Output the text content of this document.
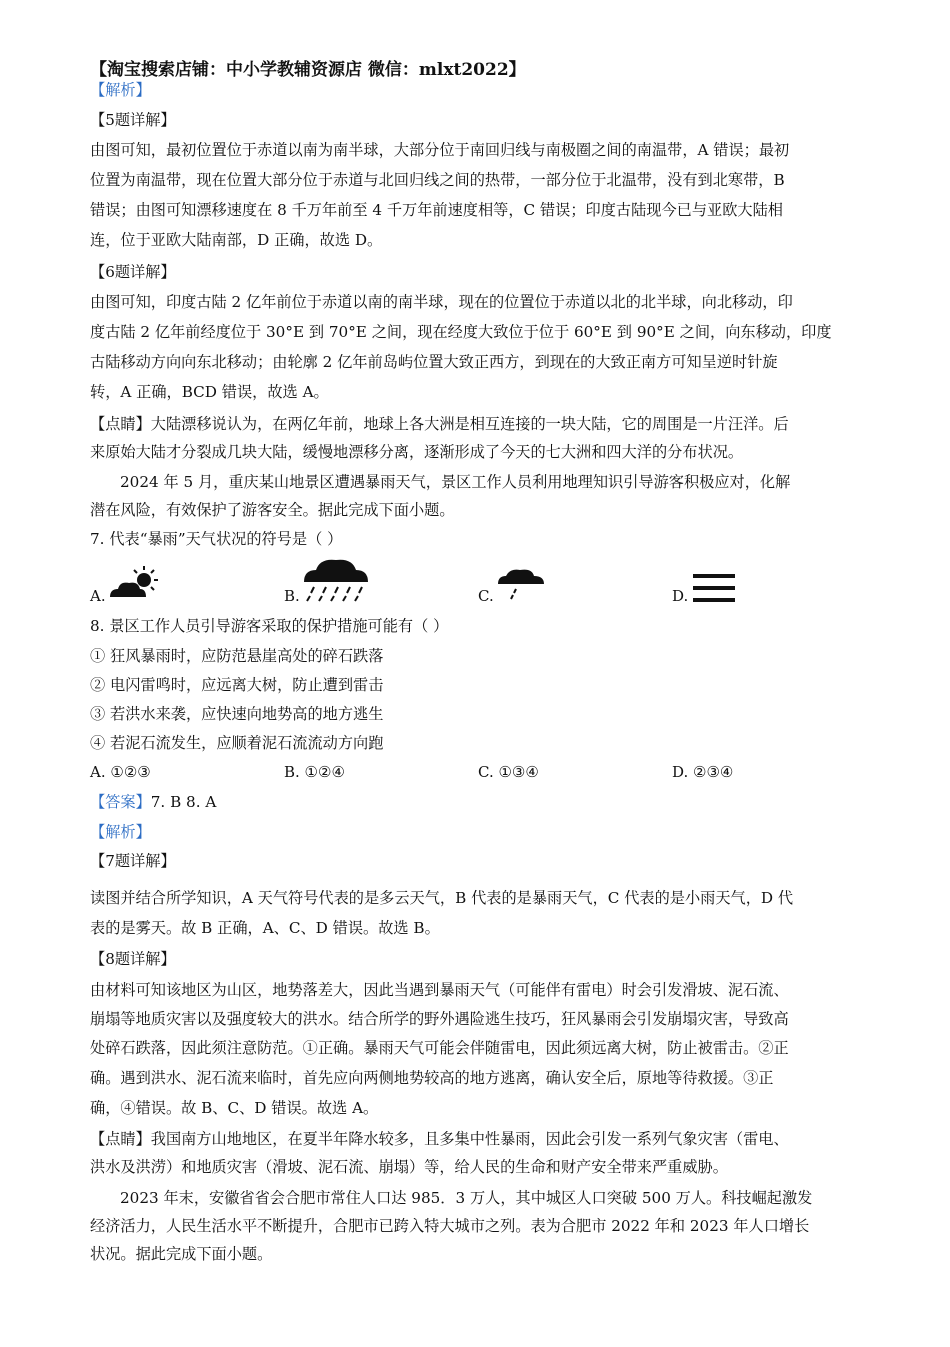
【淘宝搜索店铺：中小学教辅资源店 微信：mlxt2022】
【解析】
【5题详解】
由图可知，最初位置位于赤道以南为南半球，大部分位于南回归线与南极圈之间的南温带，A 错误；最初
位置为南温带，现在位置大部分位于赤道与北回归线之间的热带，一部分位于北温带，没有到北寒带，B
错误；由图可知漂移速度在 8 千万年前至 4 千万年前速度相等，C 错误；印度古陆现今已与亚欧大陆相
连，位于亚欧大陆南部，D 正确，故选 D。
【6题详解】
由图可知，印度古陆 2 亿年前位于赤道以南的南半球，现在的位置位于赤道以北的北半球，向北移动，印
度古陆 2 亿年前经度位于 30°E 到 70°E 之间，现在经度大致位于位于 60°E 到 90°E 之间，向东移动，印度
古陆移动方向向东北移动；由轮廓 2 亿年前岛屿位置大致正西方，到现在的大致正南方可知呈逆时针旋
转，A 正确，BCD 错误，故选 A。
【点睛】大陆漂移说认为，在两亿年前，地球上各大洲是相互连接的一块大陆，它的周围是一片汪洋。后
来原始大陆才分裂成几块大陆，缓慢地漂移分离，逐渐形成了今天的七大洲和四大洋的分布状况。
2024 年 5 月，重庆某山地景区遭遇暴雨天气，景区工作人员利用地理知识引导游客积极应对，化解
潜在风险，有效保护了游客安全。据此完成下面小题。
7. 代表“暴雨”天气状况的符号是（ ）
A.	B.	C.	D.
8. 景区工作人员引导游客采取的保护措施可能有（ ）
① 狂风暴雨时，应防范悬崖高处的碎石跌落
② 电闪雷鸣时，应远离大树，防止遭到雷击
③ 若洪水来袭，应快速向地势高的地方逃生
④ 若泥石流发生，应顺着泥石流流动方向跑
A. ①②③	B. ①②④	C. ①③④	D. ②③④
【答案】7. B 8. A
【解析】
【7题详解】
读图并结合所学知识，A 天气符号代表的是多云天气，B 代表的是暴雨天气，C 代表的是小雨天气，D 代
表的是雾天。故 B 正确，A、C、D 错误。故选 B。
【8题详解】
由材料可知该地区为山区，地势落差大，因此当遇到暴雨天气（可能伴有雷电）时会引发滑坡、泥石流、
崩塌等地质灾害以及强度较大的洪水。结合所学的野外遇险逃生技巧，狂风暴雨会引发崩塌灾害，导致高
处碎石跌落，因此须注意防范。①正确。暴雨天气可能会伴随雷电，因此须远离大树，防止被雷击。②正
确。遇到洪水、泥石流来临时，首先应向两侧地势较高的地方逃离，确认安全后，原地等待救援。③正
确，④错误。故 B、C、D 错误。故选 A。
【点睛】我国南方山地地区，在夏半年降水较多，且多集中性暴雨，因此会引发一系列气象灾害（雷电、
洪水及洪涝）和地质灾害（滑坡、泥石流、崩塌）等，给人民的生命和财产安全带来严重威胁。
2023 年末，安徽省省会合肥市常住人口达 985．3 万人，其中城区人口突破 500 万人。科技崛起激发
经济活力，人民生活水平不断提升，合肥市已跨入特大城市之列。表为合肥市 2022 年和 2023 年人口增长
状况。据此完成下面小题。
